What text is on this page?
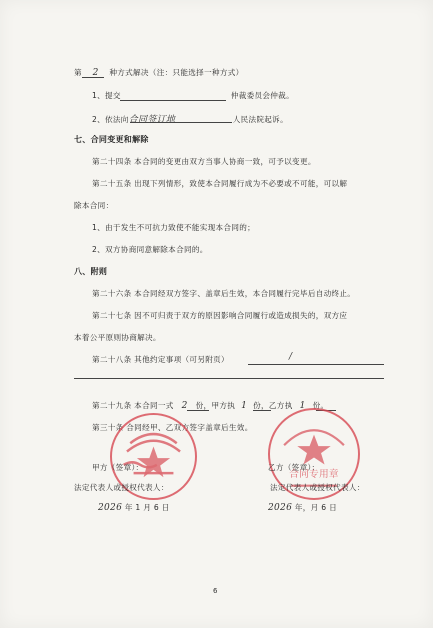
第 2 种方式解决（注：只能选择一种方式）
1、提交	仲裁委员会仲裁。
2、依法向合同签订地	人民法院起诉。
七、合同变更和解除
第二十四条 本合同的变更由双方当事人协商一致，可予以变更。
第二十五条 出现下列情形，致使本合同履行成为不必要或不可能，可以解
除本合同：
1、由于发生不可抗力致使不能实现本合同的；
2、双方协商同意解除本合同的。
八、附则
第二十六条 本合同经双方签字、盖章后生效，本合同履行完毕后自动终止。
第二十七条 因不可归责于双方的原因影响合同履行或造成损失的，双方应
本着公平原则协商解决。
第二十八条 其他约定事项（可另附页）	/
第二十九条 本合同一式 2 份，甲方执 1 份，乙方执 1 份。
第三十条 合同经甲、乙双方签字盖章后生效。
合同专用章
甲方（签章）：
法定代表人或授权代表人：
2026 年 1 月 6 日
乙方（签章）：
法定代表人或授权代表人：
2026 年，月 6 日
6
